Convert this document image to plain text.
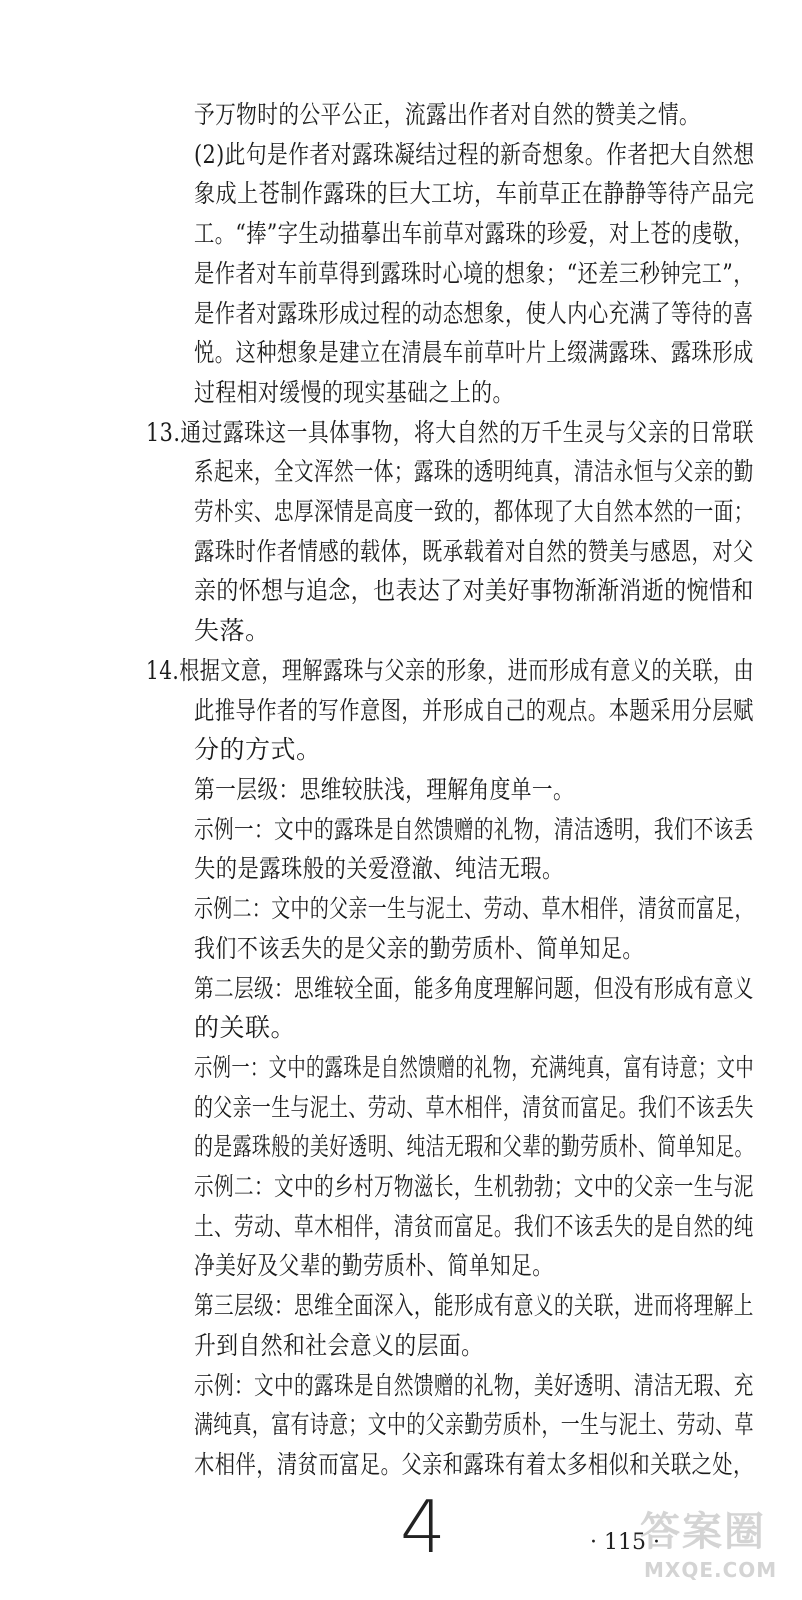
予万物时的公平公正，流露出作者对自然的赞美之情。
(2)此句是作者对露珠凝结过程的新奇想象。作者把大自然想
象成上苍制作露珠的巨大工坊，车前草正在静静等待产品完
工。“捧”字生动描摹出车前草对露珠的珍爱，对上苍的虔敬，
是作者对车前草得到露珠时心境的想象；“还差三秒钟完工”，
是作者对露珠形成过程的动态想象，使人内心充满了等待的喜
悦。这种想象是建立在清晨车前草叶片上缀满露珠、露珠形成
过程相对缓慢的现实基础之上的。
13.通过露珠这一具体事物，将大自然的万千生灵与父亲的日常联
系起来，全文浑然一体；露珠的透明纯真，清洁永恒与父亲的勤
劳朴实、忠厚深情是高度一致的，都体现了大自然本然的一面；
露珠时作者情感的载体，既承载着对自然的赞美与感恩，对父
亲的怀想与追念，也表达了对美好事物渐渐消逝的惋惜和
失落。
14.根据文意，理解露珠与父亲的形象，进而形成有意义的关联，由
此推导作者的写作意图，并形成自己的观点。本题采用分层赋
分的方式。
第一层级：思维较肤浅，理解角度单一。
示例一：文中的露珠是自然馈赠的礼物，清洁透明，我们不该丢
失的是露珠般的关爱澄澈、纯洁无瑕。
示例二：文中的父亲一生与泥土、劳动、草木相伴，清贫而富足，
我们不该丢失的是父亲的勤劳质朴、简单知足。
第二层级：思维较全面，能多角度理解问题，但没有形成有意义
的关联。
示例一：文中的露珠是自然馈赠的礼物，充满纯真，富有诗意；文中
的父亲一生与泥土、劳动、草木相伴，清贫而富足。我们不该丢失
的是露珠般的美好透明、纯洁无瑕和父辈的勤劳质朴、简单知足。
示例二：文中的乡村万物滋长，生机勃勃；文中的父亲一生与泥
土、劳动、草木相伴，清贫而富足。我们不该丢失的是自然的纯
净美好及父辈的勤劳质朴、简单知足。
第三层级：思维全面深入，能形成有意义的关联，进而将理解上
升到自然和社会意义的层面。
示例：文中的露珠是自然馈赠的礼物，美好透明、清洁无瑕、充
满纯真，富有诗意；文中的父亲勤劳质朴，一生与泥土、劳动、草
木相伴，清贫而富足。父亲和露珠有着太多相似和关联之处，
4	· 115 ·
答案圈
MXQE.COM
